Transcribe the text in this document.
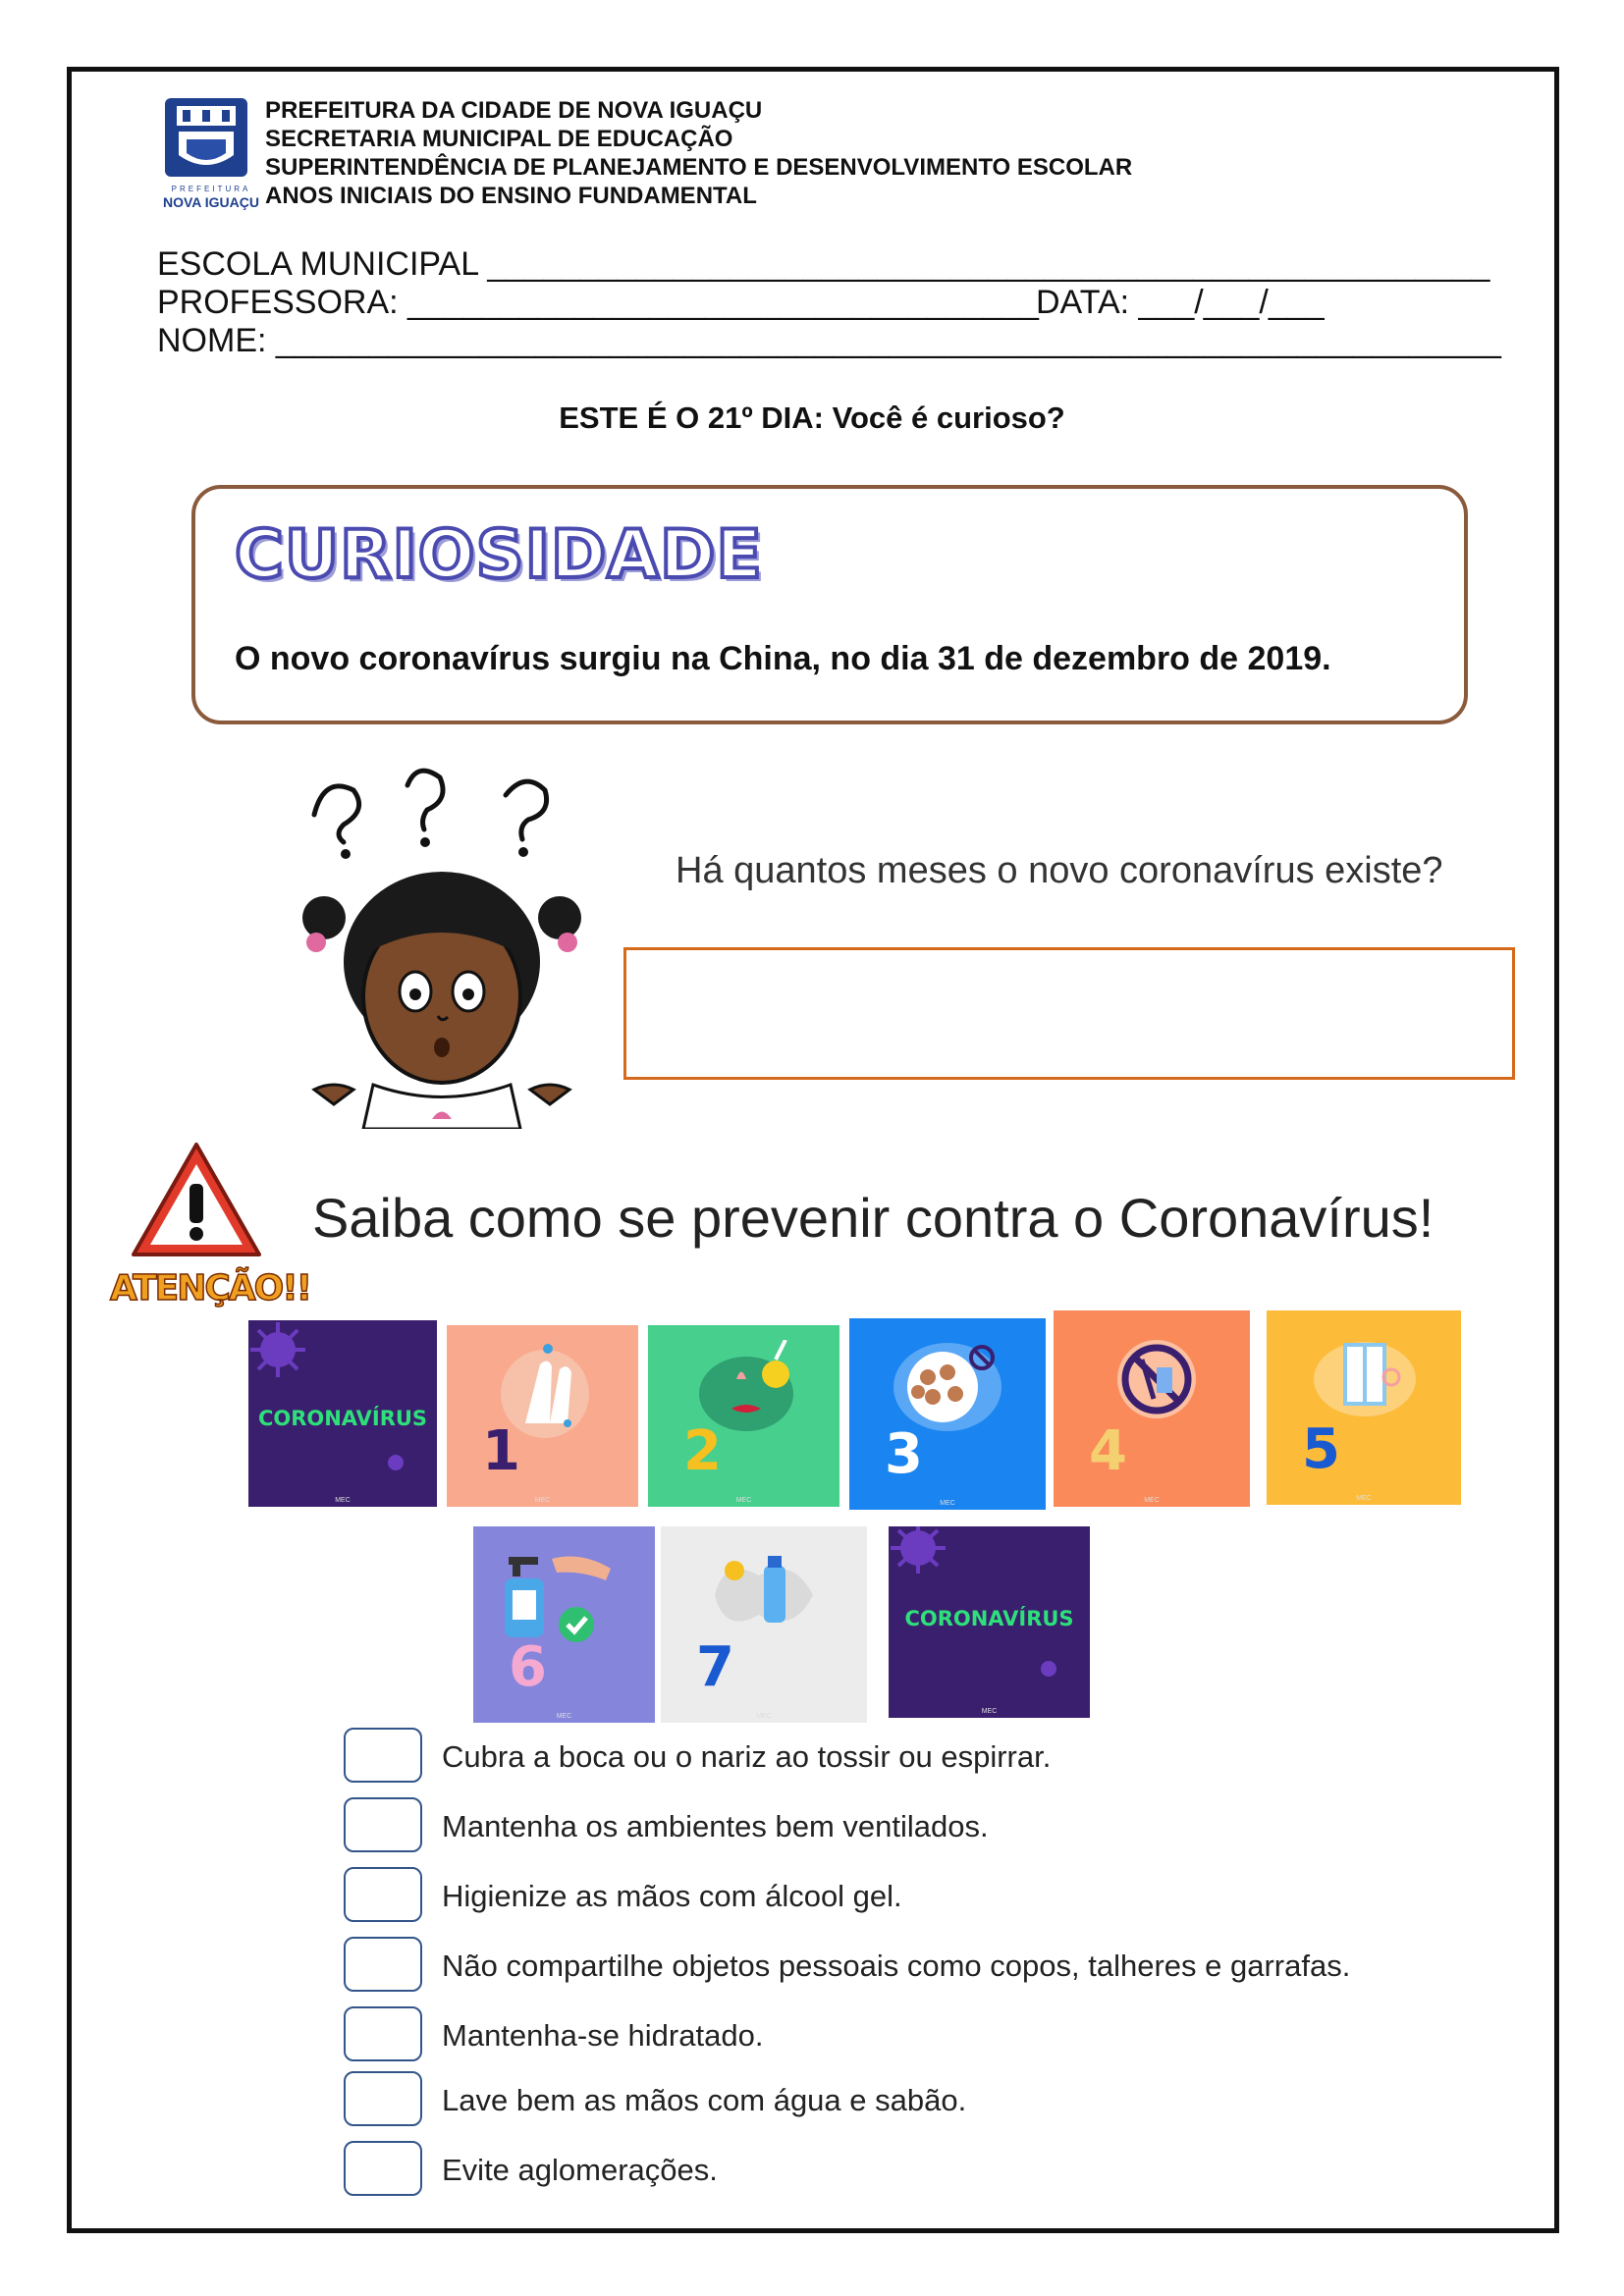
PREFEITURA
NOVA IGUAÇU
PREFEITURA DA CIDADE DE NOVA IGUAÇU
SECRETARIA MUNICIPAL DE EDUCAÇÃO
SUPERINTENDÊNCIA DE PLANEJAMENTO E DESENVOLVIMENTO ESCOLAR
ANOS INICIAIS DO ENSINO FUNDAMENTAL
ESCOLA MUNICIPAL ______________________________________________________
PROFESSORA: __________________________________
DATA: ___/___/___
NOME: __________________________________________________________________
ESTE É O 21º DIA: Você é curioso?
CURIOSIDADE
O novo coronavírus surgiu na China, no dia 31 de dezembro de 2019.
Há quantos meses o novo coronavírus existe?
ATENÇÃO!!
Saiba como se prevenir contra o Coronavírus!
CORONAVÍRUS
MEC
1
MEC
2
MEC
3
MEC
4
MEC
5
MEC
6
MEC
7
MEC
CORONAVÍRUS
MEC
Cubra a boca ou o nariz ao tossir ou espirrar.
Mantenha os ambientes bem ventilados.
Higienize as mãos com álcool gel.
Não compartilhe objetos pessoais como copos, talheres e garrafas.
Mantenha-se hidratado.
Lave bem as mãos com água e sabão.
Evite aglomerações.
